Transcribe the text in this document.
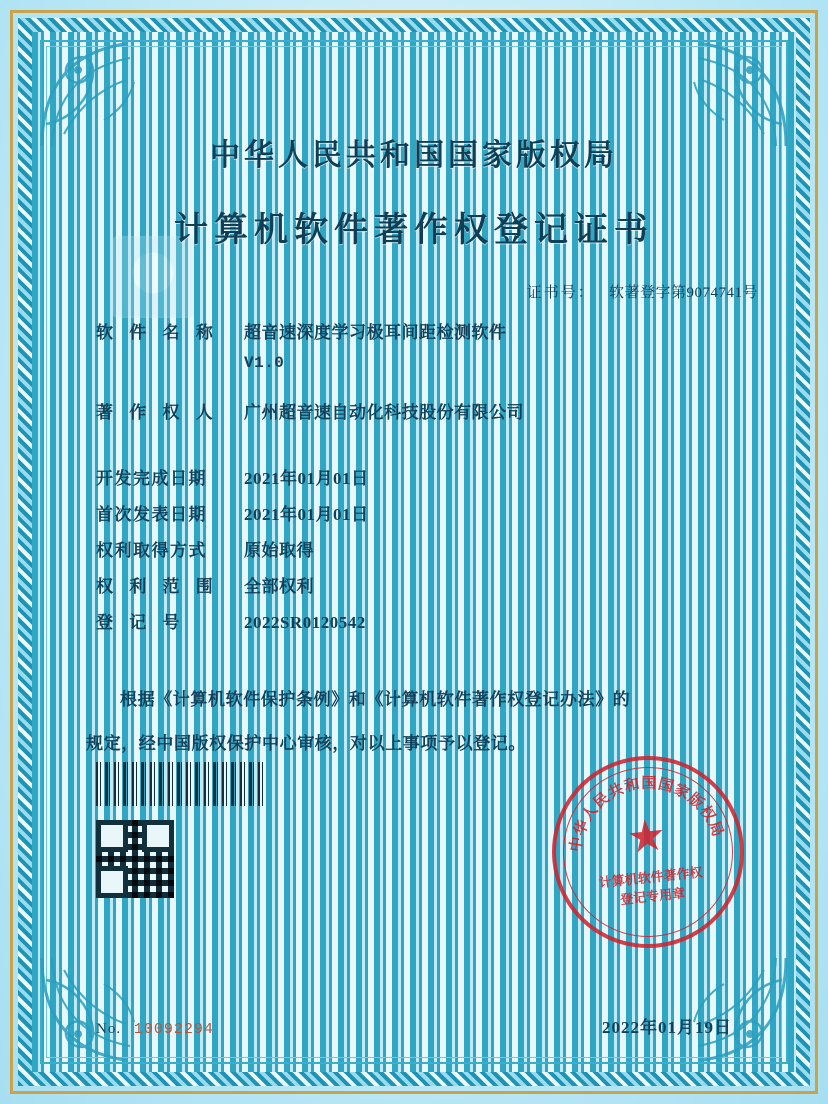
中华人民共和国国家版权局
计算机软件著作权登记证书
证书号： 软著登字第9074741号
软 件 名 称	超音速深度学习极耳间距检测软件
V1.0
著 作 权 人	广州超音速自动化科技股份有限公司
开发完成日期	2021年01月01日
首次发表日期	2021年01月01日
权利取得方式	原始取得
权 利 范 围	全部权利
登 记 号	2022SR0120542
根据《计算机软件保护条例》和《计算机软件著作权登记办法》的
规定，经中国版权保护中心审核，对以上事项予以登记。
中华人民共和国国家版权局
★
计算机软件著作权
登记专用章
No. 10092294	2022年01月19日
